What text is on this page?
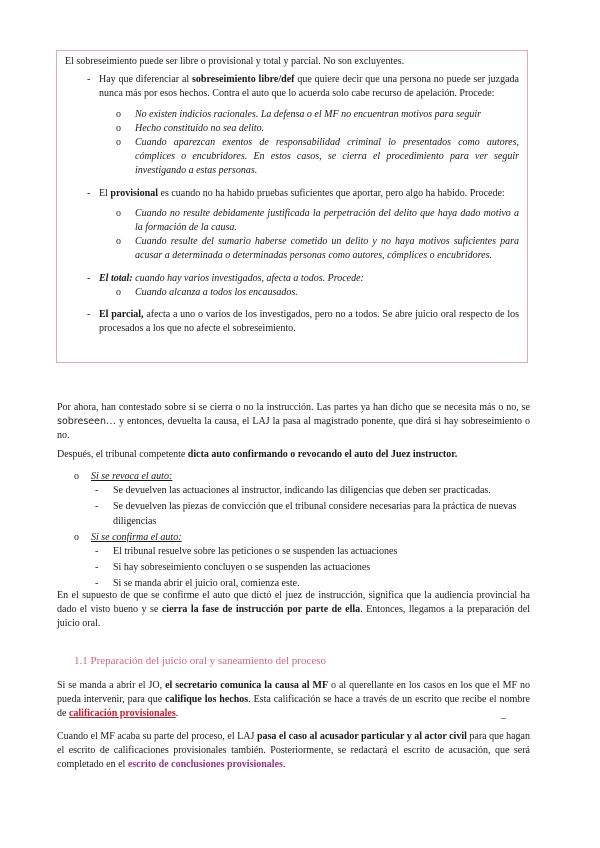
El sobreseimiento puede ser libre o provisional y total y parcial. No son excluyentes.

- Hay que diferenciar al sobreseimiento libre/def que quiere decir que una persona no puede ser juzgada nunca más por esos hechos. Contra el auto que lo acuerda solo cabe recurso de apelación. Procede:
o No existen indicios racionales. La defensa o el MF no encuentran motivos para seguir
o Hecho constituido no sea delito.
o Cuando aparezcan exentos de responsabilidad criminal lo presentados como autores, cómplices o encubridores. En estos casos, se cierra el procedimiento para ver seguir investigando a estas personas.
- El provisional es cuando no ha habido pruebas suficientes que aportar, pero algo ha habido. Procede:
o Cuando no resulte debidamente justificada la perpetración del delito que haya dado motivo a la formación de la causa.
o Cuando resulte del sumario haberse cometido un delito y no haya motivos suficientes para acusar a determinada o determinadas personas como autores, cómplices o encubridores.
- El total: cuando hay varios investigados, afecta a todos. Procede:
o Cuando alcanza a todos los encausados.
- El parcial, afecta a uno o varios de los investigados, pero no a todos. Se abre juicio oral respecto de los procesados a los que no afecte el sobreseimiento.

Por ahora, han contestado sobre si se cierra o no la instrucción. Las partes ya han dicho que se necesita más o no, se sobreseen… y entonces, devuelta la causa, el LAJ la pasa al magistrado ponente, que dirá si hay sobreseimiento o no.

Después, el tribunal competente dicta auto confirmando o revocando el auto del Juez instructor.

o Si se revoca el auto:
- Se devuelven las actuaciones al instructor, indicando las diligencias que deben ser practicadas.
- Se devuelven las piezas de convicción que el tribunal considere necesarias para la práctica de nuevas diligencias
o Si se confirma el auto:
- El tribunal resuelve sobre las peticiones o se suspenden las actuaciones
- Si hay sobreseimiento concluyen o se suspenden las actuaciones
- Si se manda abrir el juicio oral, comienza este.

En el supuesto de que se confirme el auto que dictó el juez de instrucción, significa que la audiencia provincial ha dado el visto bueno y se cierra la fase de instrucción por parte de ella. Entonces, llegamos a la preparación del juicio oral.

1.1 Preparación del juicio oral y saneamiento del proceso

Si se manda a abrir el JO, el secretario comunica la causa al MF o al querellante en los casos en los que el MF no pueda intervenir, para que califique los hechos. Esta calificación se hace a través de un escrito que recibe el nombre de calificación provisionales.	–

Cuando el MF acaba su parte del proceso, el LAJ pasa el caso al acusador particular y al actor civil para que hagan el escrito de calificaciones provisionales también. Posteriormente, se redactará el escrito de acusación, que será completado en el escrito de conclusiones provisionales.
